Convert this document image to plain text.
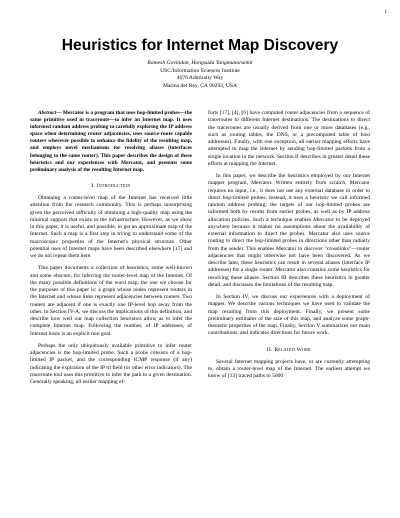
1
Heuristics for Internet Map Discovery
Ramesh Govindan, Hongsuda Tangmunarunkit
USC/Information Sciences Institute
4676 Admiralty Way
Marina del Rey, CA 90292, USA

Abstract— Mercator is a program that uses hop-limited probes—the same primitive used in traceroute—to infer an Internet map. It uses informed random address probing to carefully exploring the IP address space when determining router adjacencies, uses source-route capable routers wherever possible to enhance the fidelity of the resulting map, and employs novel mechanisms for resolving aliases (interfaces belonging to the same router). This paper describes the design of these heuristics and our experiences with Mercator, and presents some preliminary analysis of the resulting Internet map.

I. Introduction

Obtaining a router-level map of the Internet has received little attention from the research community. This is perhaps unsurprising given the perceived difficulty of obtaining a high-quality map using the minimal support that exists in the infrastructure. However, as we show in this paper, it is useful, and possible, to get an approximate map of the Internet. Such a map is a first step in trying to understand some of the macroscopic properties of the Internet's physical structure. Other potential uses of Internet maps have been described elsewhere [17] and we do not repeat them here.

This paper documents a collection of heuristics, some well-known and some obscure, for inferring the router-level map of the Internet. Of the many possible definitions of the word map, the one we choose for the purposes of this paper is: a graph whose nodes represent routers in the Internet and whose links represent adjacencies between routers. Two routers are adjacent if one is exactly one IP-level hop away from the other. In Section IV-A, we discuss the implications of this definition, and describe how well our map collection heuristics allow us to infer the complete Internet map. Following the number, of IP addresses, of Internet hosts is an explicit non goal.

Perhaps the only ubiquitously available primitive to infer router adjacencies is the hop-limited probe. Such a probe consists of a hop-limited IP packet, and the corresponding ICMP response (if any) indicating the expiration of the IP ttl field (or other error indicators). The traceroute tool uses this primitive to infer the path to a given destination. Generally speaking, all earlier mapping ef-

forts [17], [4], [6] have computed router adjacencies from a sequence of traceroutes to different Internet destinations. The destinations to direct the traceroutes are usually derived from one or more databases (e.g., such as routing tables, the DNS, or a precomputed table of host addresses). Finally, with one exception, all earlier mapping efforts have attempted to map the Internet by sending hop-limited packets from a single location in the network. Section II describes in greater detail these efforts at mapping the Internet.

In this paper, we describe the heuristics employed by our Internet mapper program, Mercator. Written entirely from scratch, Mercator requires no input, i.e., it does not use any external database in order to direct hop-limited probes. Instead, it uses a heuristic we call informed random address probing; the targets of our hop-limited probes are informed both by results from earlier probes, as well as by IP address allocation policies. Such a technique enables Mercator to be deployed anywhere because it makes no assumptions about the availability of external information to direct the probes. Mercator also uses source routing to direct the hop-limited probes in directions other than radially from the sender. This enables Mercator to discover "crosslinks"—router adjacencies that might otherwise not have been discovered. As we describe later, these heuristics can result in several aliases (interface IP addresses) for a single router. Mercator also contains some heuristics for resolving these aliases. Section III describes these heuristics in greater detail, and discusses the limitations of the resulting map.

In Section IV, we discuss our experiences with a deployment of mapper. We describe various techniques we have used to validate the map resulting from this deployment. Finally, we present some preliminary estimates of the size of this map, and analyze some graph-theoretic properties of the map. Finally, Section V summarizes our main contributions, and indicates directions for future work.

II. Related Work

Several Internet mapping projects have, or are currently attempting to, obtain a router-level map of the Internet. The earliest attempt we know of [13] traced paths to 5000
